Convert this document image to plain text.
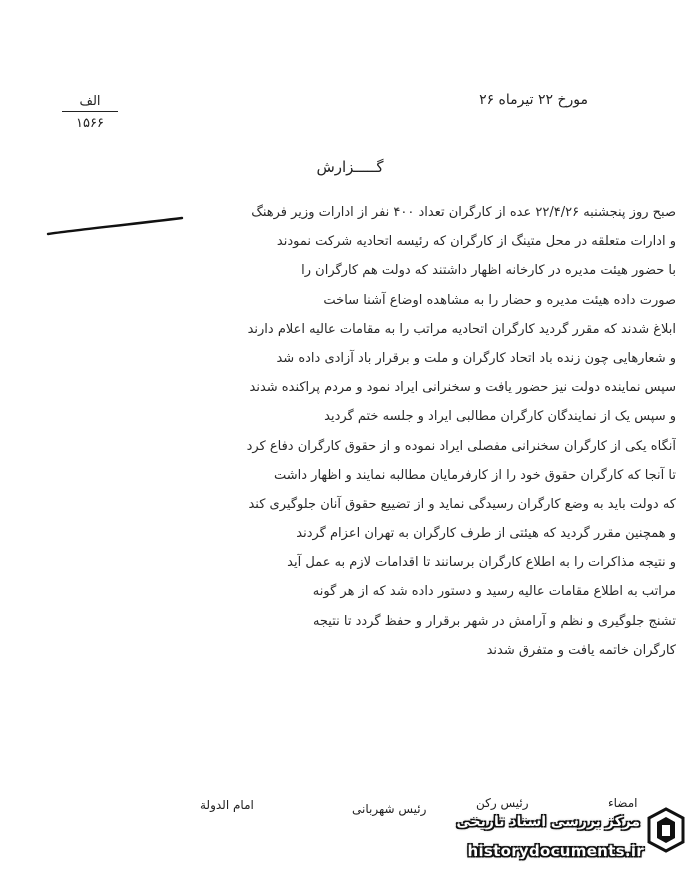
مورخ ۲۲ تیرماه ۲۶
الف
۱۵۶۶
گـــــزارش
صبح روز پنجشنبه ۲۲/۴/۲۶ عده از کارگران تعداد ۴۰۰ نفر از ادارات وزیر فرهنگ
و ادارات متعلقه در محل متینگ از کارگران که رئیسه اتحادیه شرکت نمودند
با حضور هیئت مدیره در کارخانه اظهار داشتند که دولت هم کارگران را
صورت داده هیئت مدیره و حضار را به مشاهده اوضاع آشنا ساخت
ابلاغ شدند که مقرر گردید کارگران اتحادیه مراتب را به مقامات عالیه اعلام دارند
و شعارهایی چون زنده باد اتحاد کارگران و ملت و برقرار باد آزادی داده شد
سپس نماینده دولت نیز حضور یافت و سخنرانی ایراد نمود و مردم پراکنده شدند
و سپس یک از نمایندگان کارگران مطالبی ایراد و جلسه ختم گردید
آنگاه یکی از کارگران سخنرانی مفصلی ایراد نموده و از حقوق کارگران دفاع کرد
تا آنجا که کارگران حقوق خود را از کارفرمایان مطالبه نمایند و اظهار داشت
که دولت باید به وضع کارگران رسیدگی نماید و از تضییع حقوق آنان جلوگیری کند
و همچنین مقرر گردید که هیئتی از طرف کارگران به تهران اعزام گردند
و نتیجه مذاکرات را به اطلاع کارگران برسانند تا اقدامات لازم به عمل آید
مراتب به اطلاع مقامات عالیه رسید و دستور داده شد که از هر گونه
تشنج جلوگیری و نظم و آرامش در شهر برقرار و حفظ گردد تا نتیجه
کارگران خاتمه یافت و متفرق شدند
امام الدولة	رئیس شهربانی	رئیس رکن	امضاء
مرکز بررسی اسناد تاریخی
historydocuments.ir
